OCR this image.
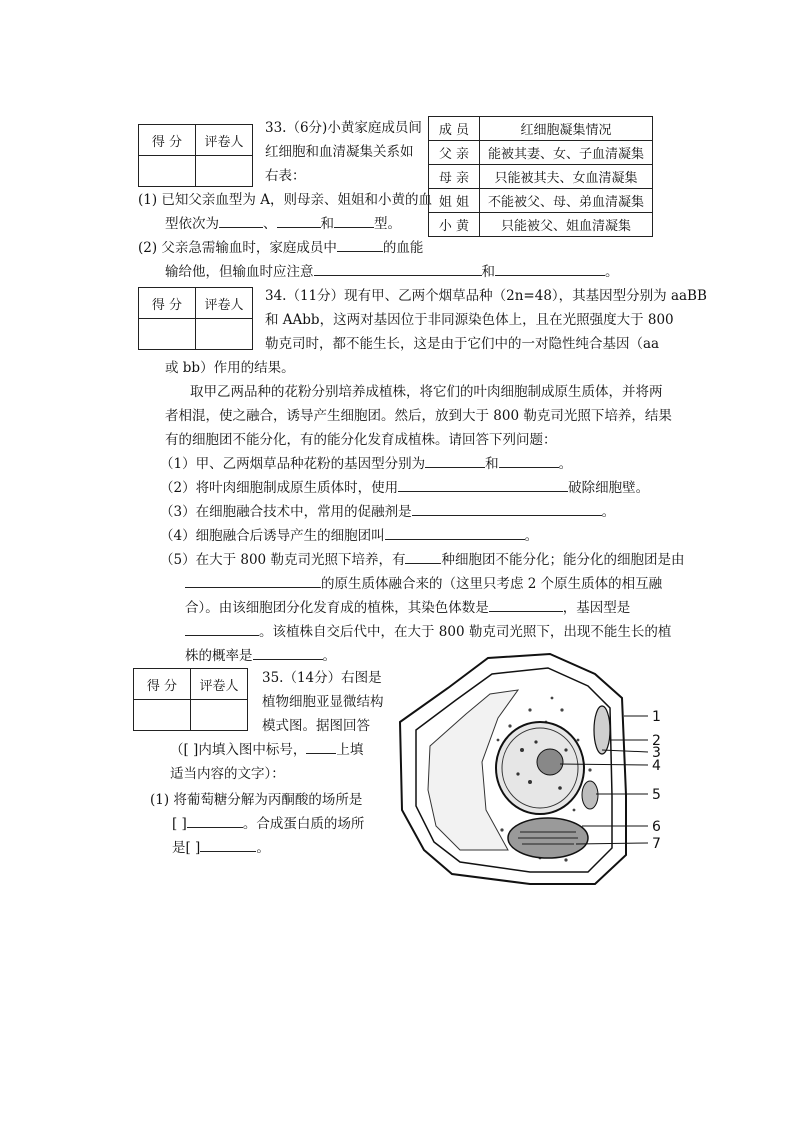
得 分	评卷人

33.（6分)小黄家庭成员间
红细胞和血清凝集关系如
右表：
成 员	红细胞凝集情况
父 亲	能被其妻、女、子血清凝集
母 亲	只能被其夫、女血清凝集
姐 姐	不能被父、母、弟血清凝集
小 黄	只能被父、姐血清凝集
(1) 已知父亲血型为 A，则母亲、姐姐和小黄的血
型依次为	、	和	型。
(2) 父亲急需输血时，家庭成员中	的血能
输给他，但输血时应注意	和	。
得 分	评卷人

34.（11分）现有甲、乙两个烟草品种（2n=48），其基因型分别为 aaBB
和 AAbb，这两对基因位于非同源染色体上，且在光照强度大于 800
勒克司时，都不能生长，这是由于它们中的一对隐性纯合基因（aa
或 bb）作用的结果。
取甲乙两品种的花粉分别培养成植株，将它们的叶肉细胞制成原生质体，并将两
者相混，使之融合，诱导产生细胞团。然后，放到大于 800 勒克司光照下培养，结果
有的细胞团不能分化，有的能分化发育成植株。请回答下列问题：
（1）甲、乙两烟草品种花粉的基因型分别为	和	。
（2）将叶肉细胞制成原生质体时，使用	破除细胞壁。
（3）在细胞融合技术中，常用的促融剂是	。
（4）细胞融合后诱导产生的细胞团叫	。
（5）在大于 800 勒克司光照下培养，有	种细胞团不能分化；能分化的细胞团是由
的原生质体融合来的（这里只考虑 2 个原生质体的相互融
合）。由该细胞团分化发育成的植株，其染色体数是	，基因型是
。该植株自交后代中，在大于 800 勒克司光照下，出现不能生长的植
株的概率是	。
得 分	评卷人
	35.（14分）右图是
植物细胞亚显微结构
模式图。据图回答
（[ ]内填入图中标号， 上填
适当内容的文字）：
(1) 将葡萄糖分解为丙酮酸的场所是
[ ]	。合成蛋白质的场所
是[ ]	。
1
2
3
4
5
6
7
